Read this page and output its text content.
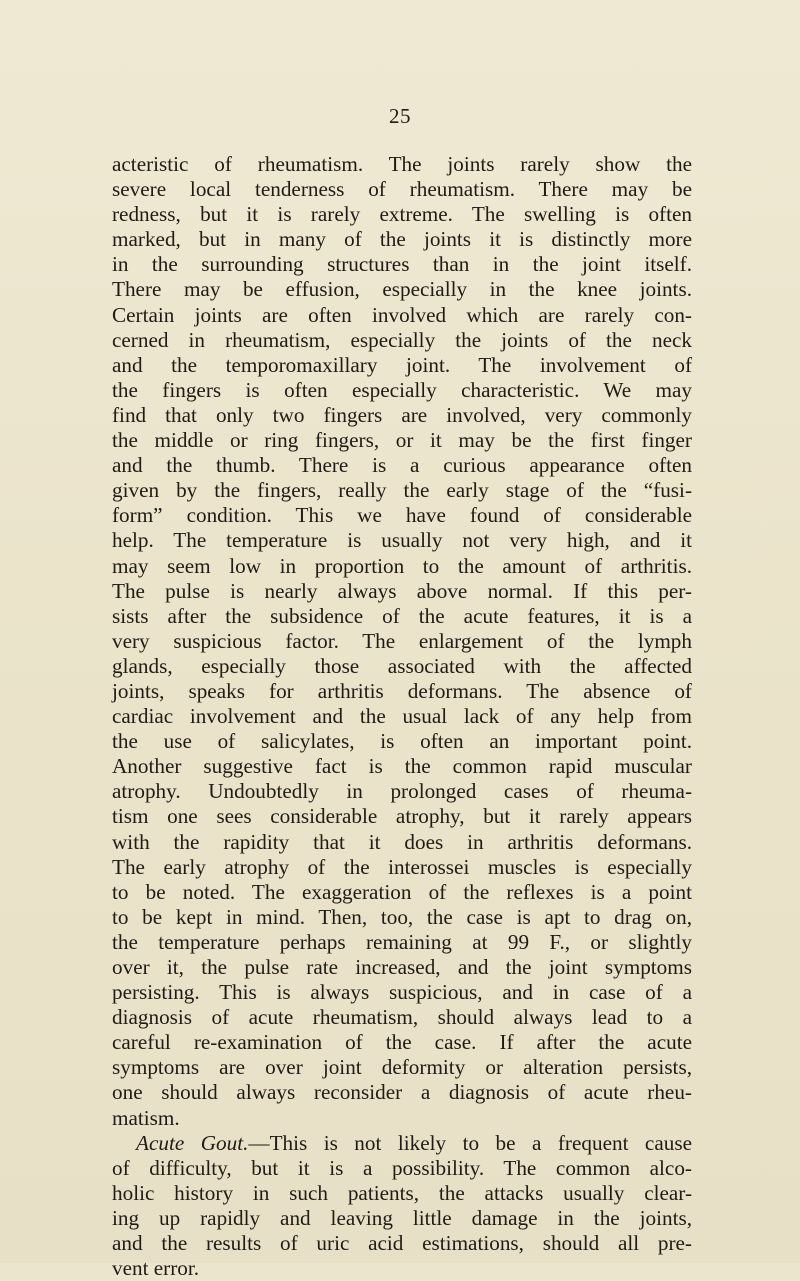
25
acteristic of rheumatism. The joints rarely show the
severe local tenderness of rheumatism. There may be
redness, but it is rarely extreme. The swelling is often
marked, but in many of the joints it is distinctly more
in the surrounding structures than in the joint itself.
There may be effusion, especially in the knee joints.
Certain joints are often involved which are rarely con-
cerned in rheumatism, especially the joints of the neck
and the temporomaxillary joint. The involvement of
the fingers is often especially characteristic. We may
find that only two fingers are involved, very commonly
the middle or ring fingers, or it may be the first finger
and the thumb. There is a curious appearance often
given by the fingers, really the early stage of the “fusi-
form” condition. This we have found of considerable
help. The temperature is usually not very high, and it
may seem low in proportion to the amount of arthritis.
The pulse is nearly always above normal. If this per-
sists after the subsidence of the acute features, it is a
very suspicious factor. The enlargement of the lymph
glands, especially those associated with the affected
joints, speaks for arthritis deformans. The absence of
cardiac involvement and the usual lack of any help from
the use of salicylates, is often an important point.
Another suggestive fact is the common rapid muscular
atrophy. Undoubtedly in prolonged cases of rheuma-
tism one sees considerable atrophy, but it rarely appears
with the rapidity that it does in arthritis deformans.
The early atrophy of the interossei muscles is especially
to be noted. The exaggeration of the reflexes is a point
to be kept in mind. Then, too, the case is apt to drag on,
the temperature perhaps remaining at 99 F., or slightly
over it, the pulse rate increased, and the joint symptoms
persisting. This is always suspicious, and in case of a
diagnosis of acute rheumatism, should always lead to a
careful re-examination of the case. If after the acute
symptoms are over joint deformity or alteration persists,
one should always reconsider a diagnosis of acute rheu-
matism.
Acute Gout.—This is not likely to be a frequent cause
of difficulty, but it is a possibility. The common alco-
holic history in such patients, the attacks usually clear-
ing up rapidly and leaving little damage in the joints,
and the results of uric acid estimations, should all pre-
vent error.
